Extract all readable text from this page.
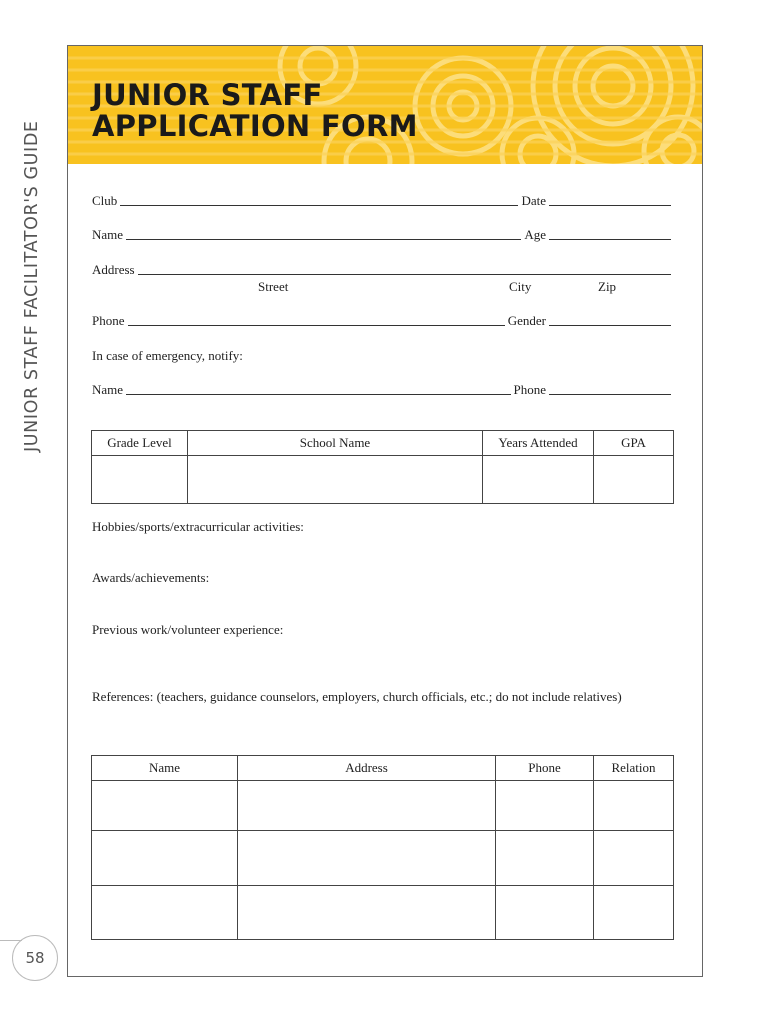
JUNIOR STAFF FACILITATOR'S GUIDE
58
JUNIOR STAFF
APPLICATION FORM
Club	Date
Name	Age
Address
Street	City	Zip
Phone	Gender
In case of emergency, notify:
Name	Phone
Grade Level	School Name	Years Attended	GPA

Hobbies/sports/extracurricular activities:
Awards/achievements:
Previous work/volunteer experience:
References: (teachers, guidance counselors, employers, church officials, etc.; do not include relatives)
Name	Address	Phone	Relation
